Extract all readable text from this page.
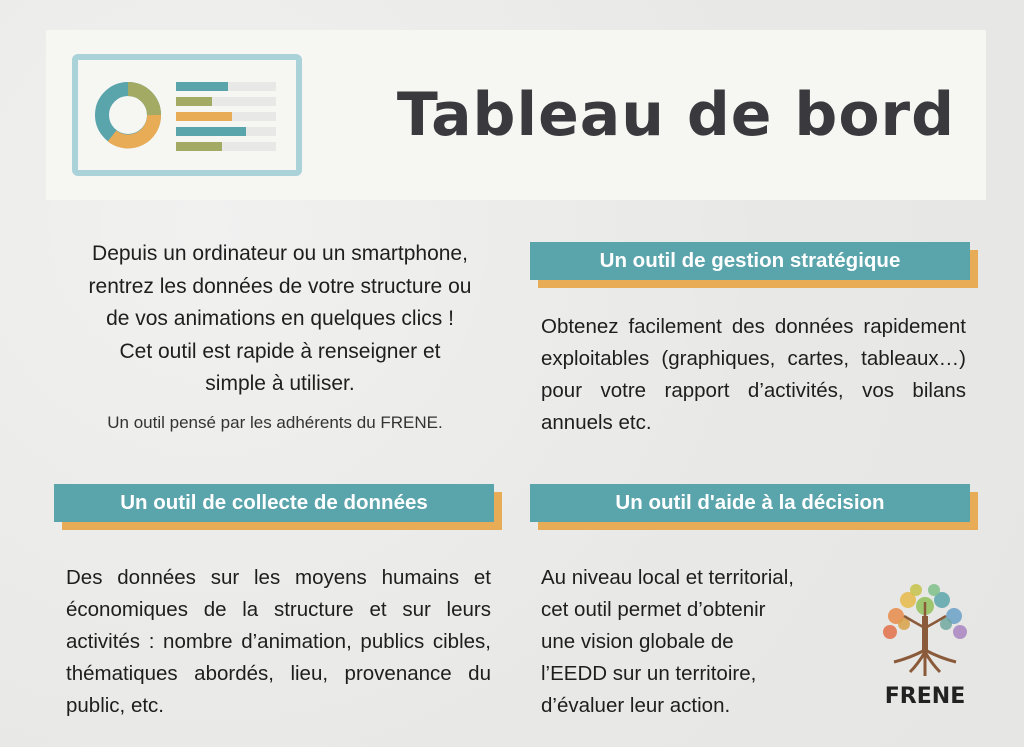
Tableau de bord
Depuis un ordinateur ou un smartphone,
rentrez les données de votre structure ou
de vos animations en quelques clics !
Cet outil est rapide à renseigner et
simple à utiliser.
Un outil pensé par les adhérents du FRENE.
Un outil de gestion stratégique
Obtenez facilement des données rapidement exploitables (graphiques, cartes, tableaux…) pour votre rapport d’activités, vos bilans annuels etc.
Un outil de collecte de données
Des données sur les moyens humains et économiques de la structure et sur leurs activités : nombre d’animation, publics cibles, thématiques abordés, lieu, provenance du public, etc.
Un outil d'aide à la décision
Au niveau local et territorial,
cet outil permet d’obtenir
une vision globale de
l’EEDD sur un territoire,
d’évaluer leur action.	FRENE
